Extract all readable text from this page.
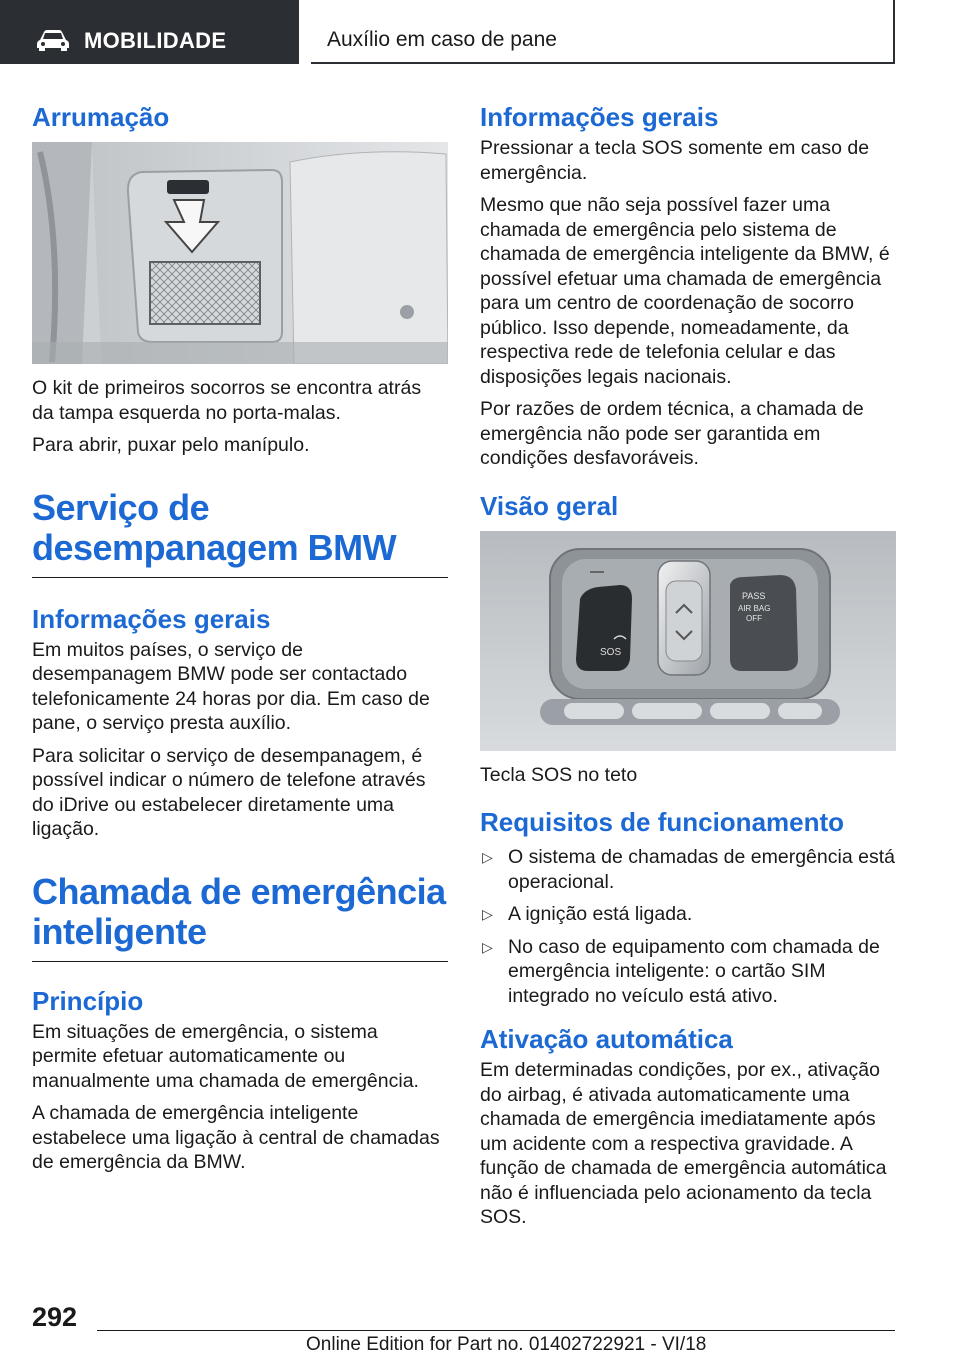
MOBILIDADE	Auxílio em caso de pane
Arrumação

O kit de primeiros socorros se encontra atrás da tampa esquerda no porta-malas.

Para abrir, puxar pelo manípulo.

Serviço de desempanagem BMW
Informações gerais

Em muitos países, o serviço de desempanagem BMW pode ser contactado telefonicamente 24 horas por dia. Em caso de pane, o serviço presta auxílio.

Para solicitar o serviço de desempanagem, é possível indicar o número de telefone através do iDrive ou estabelecer diretamente uma ligação.

Chamada de emergência inteligente
Princípio

Em situações de emergência, o sistema permite efetuar automaticamente ou manualmente uma chamada de emergência.

A chamada de emergência inteligente estabelece uma ligação à central de chamadas de emergência da BMW.

Informações gerais

Pressionar a tecla SOS somente em caso de emergência.

Mesmo que não seja possível fazer uma chamada de emergência pelo sistema de chamada de emergência inteligente da BMW, é possível efetuar uma chamada de emergência para um centro de coordenação de socorro público. Isso depende, nomeadamente, da respectiva rede de telefonia celular e das disposições legais nacionais.

Por razões de ordem técnica, a chamada de emergência não pode ser garantida em condições desfavoráveis.

Visão geral
SOS
PASS
AIR BAG
OFF

Tecla SOS no teto

Requisitos de funcionamento
▷ O sistema de chamadas de emergência está operacional.
▷ A ignição está ligada.
▷ No caso de equipamento com chamada de emergência inteligente: o cartão SIM integrado no veículo está ativo.
Ativação automática

Em determinadas condições, por ex., ativação do airbag, é ativada automaticamente uma chamada de emergência imediatamente após um acidente com a respectiva gravidade. A função de chamada de emergência automática não é influenciada pelo acionamento da tecla SOS.

292
Online Edition for Part no. 01402722921 - VI/18
